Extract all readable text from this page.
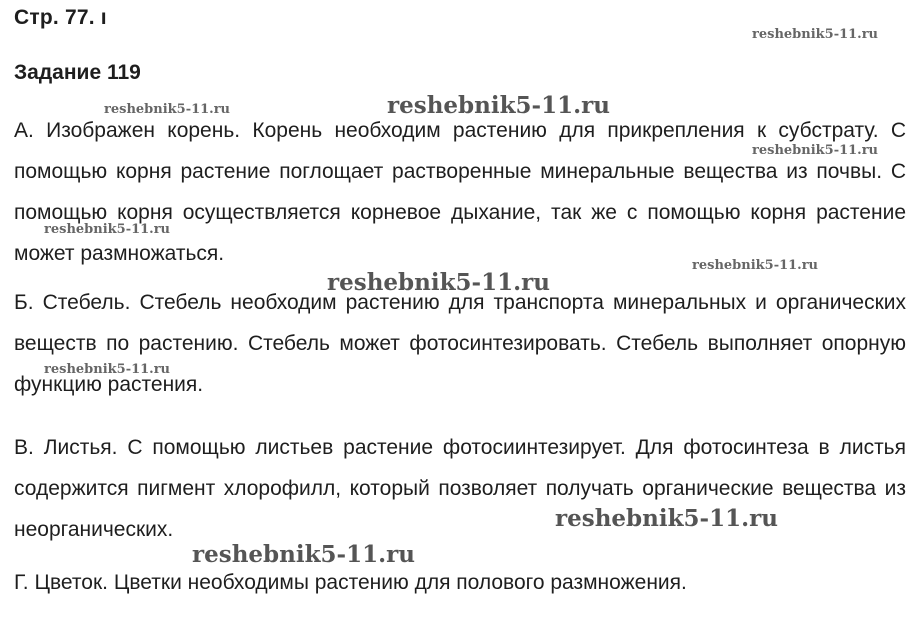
Стр. 77. ı
Задание 119

А. Изображен корень. Корень необходим растению для прикрепления к субстрату. С помощью корня растение поглощает растворенные минеральные вещества из почвы. С помощью корня осуществляется корневое дыхание, так же с помощью корня растение может размножаться.

Б. Стебель. Стебель необходим растению для транспорта минеральных и органических веществ по растению. Стебель может фотосинтезировать. Стебель выполняет опорную функцию растения.

В. Листья. С помощью листьев растение фотосиинтезирует. Для фотосинтеза в листья содержится пигмент хлорофилл, который позволяет получать органические вещества из неорганических.

Г. Цветок. Цветки необходимы растению для полового размножения.

reshebnik5-11.ru
reshebnik5-11.ru	reshebnik5-11.ru
reshebnik5-11.ru
reshebnik5-11.ru
reshebnik5-11.ru
reshebnik5-11.ru
reshebnik5-11.ru
reshebnik5-11.ru
reshebnik5-11.ru
